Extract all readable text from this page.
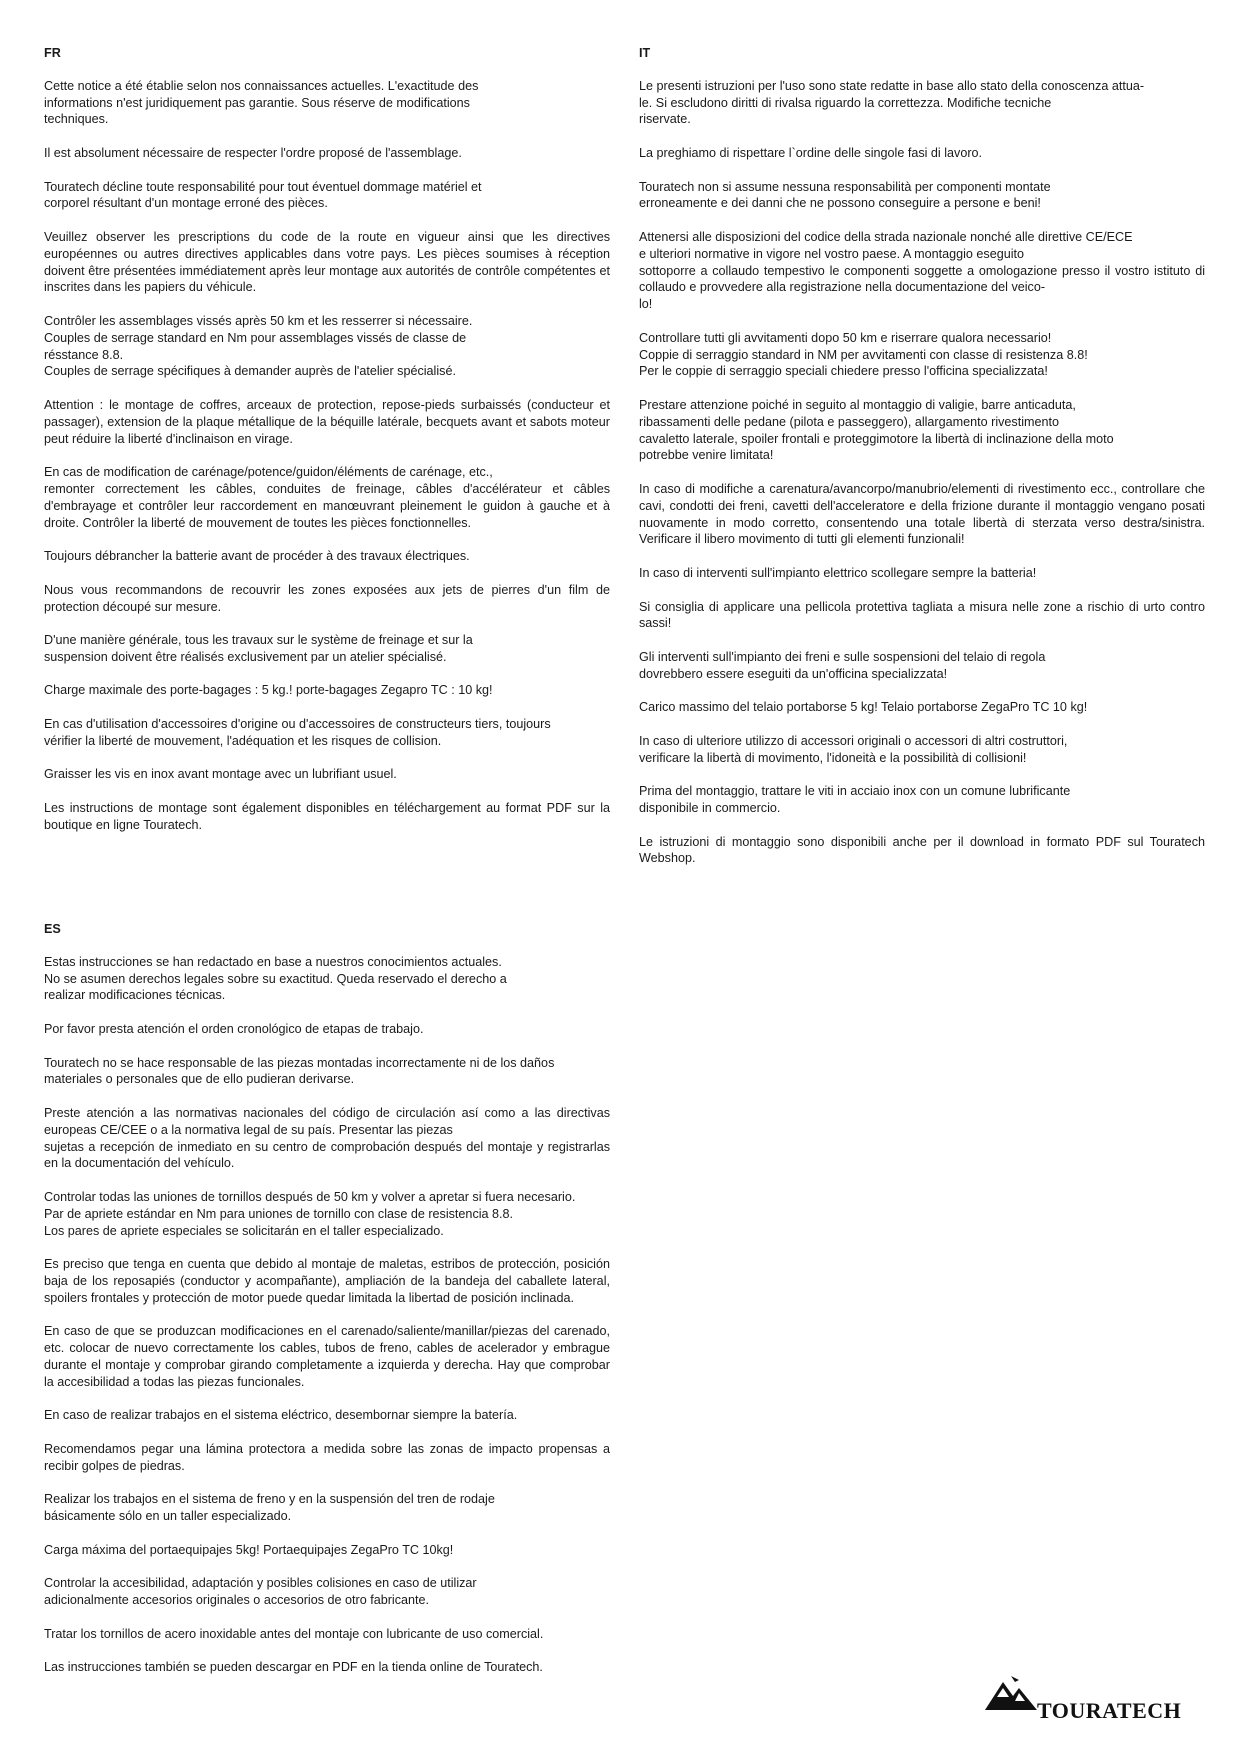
FR

Cette notice a été établie selon nos connaissances actuelles. L'exactitude des
informations n'est juridiquement pas garantie. Sous réserve de modifications
techniques.

Il est absolument nécessaire de respecter l'ordre proposé de l'assemblage.

Touratech décline toute responsabilité pour tout éventuel dommage matériel et
corporel résultant d'un montage erroné des pièces.

Veuillez observer les prescriptions du code de la route en vigueur ainsi que les directives européennes ou autres directives applicables dans votre pays. Les pièces soumises à réception doivent être présentées immédiatement après leur montage aux autorités de contrôle compétentes et inscrites dans les papiers du véhicule.

Contrôler les assemblages vissés après 50 km et les resserrer si nécessaire.
Couples de serrage standard en Nm pour assemblages vissés de classe de
résstance 8.8.
Couples de serrage spécifiques à demander auprès de l'atelier spécialisé.

Attention : le montage de coffres, arceaux de protection, repose-pieds surbaissés (conducteur et passager), extension de la plaque métallique de la béquille latérale, becquets avant et sabots moteur peut réduire la liberté d'inclinaison en virage.

En cas de modification de carénage/potence/guidon/éléments de carénage, etc.,
remonter correctement les câbles, conduites de freinage, câbles d'accélérateur et câbles d'embrayage et contrôler leur raccordement en manœuvrant pleinement le guidon à gauche et à droite. Contrôler la liberté de mouvement de toutes les pièces fonctionnelles.

Toujours débrancher la batterie avant de procéder à des travaux électriques.

Nous vous recommandons de recouvrir les zones exposées aux jets de pierres d'un film de protection découpé sur mesure.

D'une manière générale, tous les travaux sur le système de freinage et sur la
suspension doivent être réalisés exclusivement par un atelier spécialisé.

Charge maximale des porte-bagages : 5 kg.! porte-bagages Zegapro TC : 10 kg!

En cas d'utilisation d'accessoires d'origine ou d'accessoires de constructeurs tiers, toujours
vérifier la liberté de mouvement, l'adéquation et les risques de collision.

Graisser les vis en inox avant montage avec un lubrifiant usuel.

Les instructions de montage sont également disponibles en téléchargement au format PDF sur la boutique en ligne Touratech.

IT

Le presenti istruzioni per l'uso sono state redatte in base allo stato della conoscenza attua-
le. Si escludono diritti di rivalsa riguardo la correttezza. Modifiche tecniche
riservate.

La preghiamo di rispettare l`ordine delle singole fasi di lavoro.

Touratech non si assume nessuna responsabilità per componenti montate
erroneamente e dei danni che ne possono conseguire a persone e beni!

Attenersi alle disposizioni del codice della strada nazionale nonché alle direttive CE/ECE
e ulteriori normative in vigore nel vostro paese. A montaggio eseguito
sottoporre a collaudo tempestivo le componenti soggette a omologazione presso il vostro istituto di collaudo e provvedere alla registrazione nella documentazione del veico-
lo!

Controllare tutti gli avvitamenti dopo 50 km e riserrare qualora necessario!
Coppie di serraggio standard in NM per avvitamenti con classe di resistenza 8.8!
Per le coppie di serraggio speciali chiedere presso l'officina specializzata!

Prestare attenzione poiché in seguito al montaggio di valigie, barre anticaduta,
ribassamenti delle pedane (pilota e passeggero), allargamento rivestimento
cavaletto laterale, spoiler frontali e proteggimotore la libertà di inclinazione della moto
potrebbe venire limitata!

In caso di modifiche a carenatura/avancorpo/manubrio/elementi di rivestimento ecc., controllare che cavi, condotti dei freni, cavetti dell'acceleratore e della frizione durante il montaggio vengano posati nuovamente in modo corretto, consentendo una totale libertà di sterzata verso destra/sinistra. Verificare il libero movimento di tutti gli elementi funzionali!

In caso di interventi sull'impianto elettrico scollegare sempre la batteria!

Si consiglia di applicare una pellicola protettiva tagliata a misura nelle zone a rischio di urto contro sassi!

Gli interventi sull'impianto dei freni e sulle sospensioni del telaio di regola
dovrebbero essere eseguiti da un'officina specializzata!

Carico massimo del telaio portaborse 5 kg! Telaio portaborse ZegaPro TC 10 kg!

In caso di ulteriore utilizzo di accessori originali o accessori di altri costruttori,
verificare la libertà di movimento, l'idoneità e la possibilità di collisioni!

Prima del montaggio, trattare le viti in acciaio inox con un comune lubrificante
disponibile in commercio.

Le istruzioni di montaggio sono disponibili anche per il download in formato PDF sul Touratech Webshop.

ES

Estas instrucciones se han redactado en base a nuestros conocimientos actuales.
No se asumen derechos legales sobre su exactitud. Queda reservado el derecho a
realizar modificaciones técnicas.

Por favor presta atención el orden cronológico de etapas de trabajo.

Touratech no se hace responsable de las piezas montadas incorrectamente ni de los daños
materiales o personales que de ello pudieran derivarse.

Preste atención a las normativas nacionales del código de circulación así como a las directivas europeas CE/CEE o a la normativa legal de su país. Presentar las piezas
sujetas a recepción de inmediato en su centro de comprobación después del montaje y registrarlas en la documentación del vehículo.

Controlar todas las uniones de tornillos después de 50 km y volver a apretar si fuera necesario.
Par de apriete estándar en Nm para uniones de tornillo con clase de resistencia 8.8.
Los pares de apriete especiales se solicitarán en el taller especializado.

Es preciso que tenga en cuenta que debido al montaje de maletas, estribos de protección, posición baja de los reposapiés (conductor y acompañante), ampliación de la bandeja del caballete lateral, spoilers frontales y protección de motor puede quedar limitada la libertad de posición inclinada.

En caso de que se produzcan modificaciones en el carenado/saliente/manillar/piezas del carenado, etc. colocar de nuevo correctamente los cables, tubos de freno, cables de acelerador y embrague durante el montaje y comprobar girando completamente a izquierda y derecha. Hay que comprobar la accesibilidad a todas las piezas funcionales.

En caso de realizar trabajos en el sistema eléctrico, desembornar siempre la batería.

Recomendamos pegar una lámina protectora a medida sobre las zonas de impacto propensas a recibir golpes de piedras.

Realizar los trabajos en el sistema de freno y en la suspensión del tren de rodaje
básicamente sólo en un taller especializado.

Carga máxima del portaequipajes 5kg! Portaequipajes ZegaPro TC 10kg!

Controlar la accesibilidad, adaptación y posibles colisiones en caso de utilizar
adicionalmente accesorios originales o accesorios de otro fabricante.

Tratar los tornillos de acero inoxidable antes del montaje con lubricante de uso comercial.

Las instrucciones también se pueden descargar en PDF en la tienda online de Touratech.

TOURATECH
